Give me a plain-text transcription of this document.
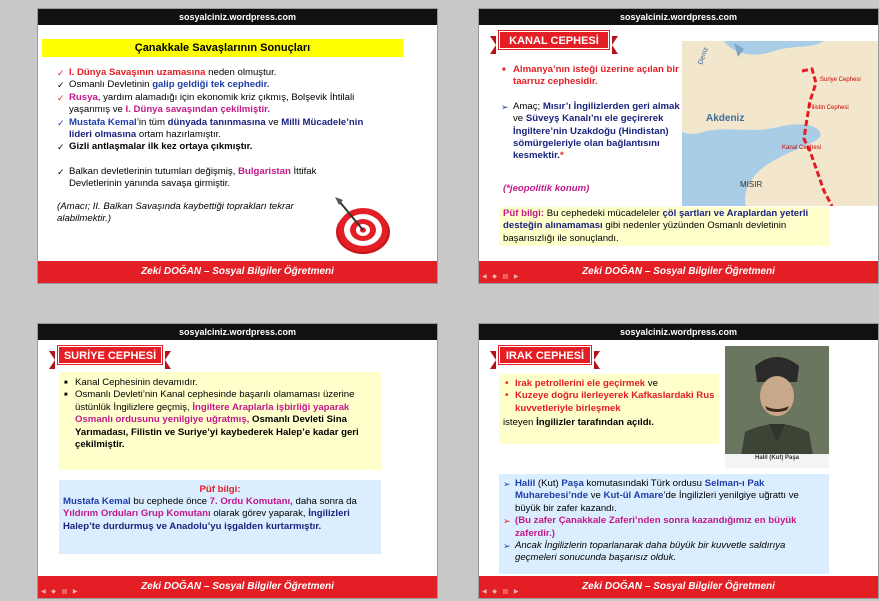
sosyalciniz.wordpress.com
Çanakkale Savaşlarının Sonuçları
✓ I. Dünya Savaşının uzamasına neden olmuştur.
✓ Osmanlı Devletinin galip geldiği tek cephedir.
✓ Rusya, yardım alamadığı için ekonomik kriz çıkmış, Bolşevik İhtilali yaşanmış ve I. Dünya savaşından çekilmiştir.
✓ Mustafa Kemal’in tüm dünyada tanınmasına ve Milli Mücadele’nin lideri olmasına ortam hazırlamıştır.
✓ Gizli antlaşmalar ilk kez ortaya çıkmıştır.
✓ Balkan devletlerinin tutumları değişmiş, Bulgaristan İttifak Devletlerinin yanında savaşa girmiştir.
(Amacı; II. Balkan Savaşında kaybettiği toprakları tekrar alabilmektir.)
Zeki DOĞAN – Sosyal Bilgiler Öğretmeni
sosyalciniz.wordpress.com
KANAL CEPHESİ
Akdeniz
MISIR
Deniz
Suriye Cephesi
Filistin Cephesi
Kanal Cephesi
■ Almanya’nın isteği üzerine açılan bir taarruz cephesidir.
➢ Amaç; Mısır’ı İngilizlerden geri almak ve Süveyş Kanalı’nı ele geçirerek İngiltere’nin Uzakdoğu (Hindistan) sömürgeleriyle olan bağlantısını kesmektir.*
(*jeopolitik konum)
Püf bilgi: Bu cephedeki mücadeleler çöl şartları ve Araplardan yeterli desteğin alınamaması gibi nedenler yüzünden Osmanlı devletinin başarısızlığı ile sonuçlandı.
Zeki DOĞAN – Sosyal Bilgiler Öğretmeni
◀ ◆ ▤ ▶
sosyalciniz.wordpress.com
SURİYE CEPHESİ
■ Kanal Cephesinin devamıdır.
■ Osmanlı Devleti’nin Kanal cephesinde başarılı olamaması üzerine üstünlük İngilizlere geçmiş, İngiltere Araplarla işbirliği yaparak Osmanlı ordusunu yenilgiye uğratmış, Osmanlı Devleti Sina Yarımadası, Filistin ve Suriye’yi kaybederek Halep’e kadar geri çekilmiştir.
Püf bilgi:
Mustafa Kemal bu cephede önce 7. Ordu Komutanı, daha sonra da Yıldırım Orduları Grup Komutanı olarak görev yaparak, İngilizleri Halep’te durdurmuş ve Anadolu’yu işgalden kurtarmıştır.
Zeki DOĞAN – Sosyal Bilgiler Öğretmeni
◀ ◆ ▤ ▶
sosyalciniz.wordpress.com
IRAK CEPHESİ
• Irak petrollerini ele geçirmek ve
• Kuzeye doğru ilerleyerek Kafkaslardaki Rus kuvvetleriyle birleşmek
isteyen İngilizler tarafından açıldı.
Halil (Kut) Paşa
➢ Halil (Kut) Paşa komutasındaki Türk ordusu Selman-ı Pak Muharebesi’nde ve Kut-ül Amare’de İngilizleri yenilgiye uğrattı ve büyük bir zafer kazandı.
➢ (Bu zafer Çanakkale Zaferi’nden sonra kazandığımız en büyük zaferdir.)
➢ Ancak İngilizlerin toparlanarak daha büyük bir kuvvetle saldırıya geçmeleri sonucunda başarısız olduk.
Zeki DOĞAN – Sosyal Bilgiler Öğretmeni
◀ ◆ ▤ ▶
